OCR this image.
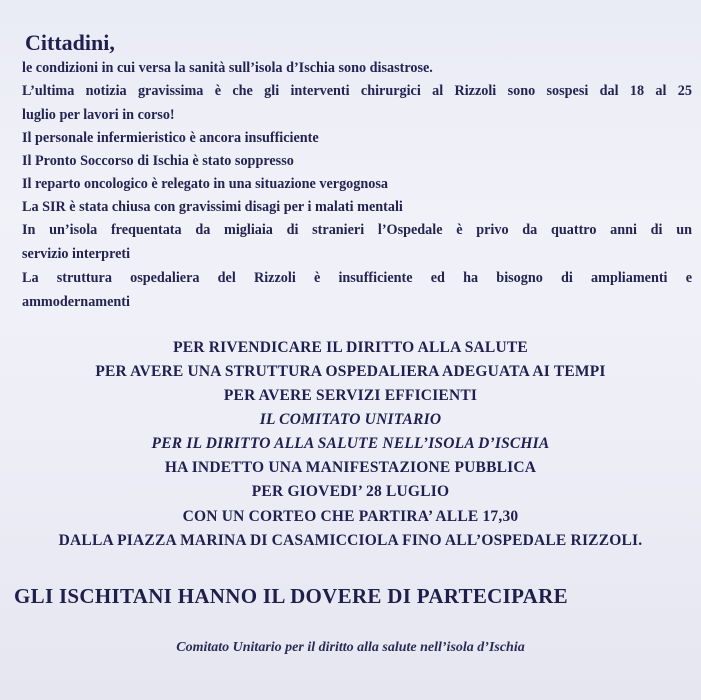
Cittadini,
le condizioni in cui versa la sanità sull’isola d’Ischia sono disastrose.
L’ultima notizia gravissima è che gli interventi chirurgici al Rizzoli sono sospesi dal 18 al 25
luglio per lavori in corso!
Il personale infermieristico è ancora insufficiente
Il Pronto Soccorso di Ischia è stato soppresso
Il reparto oncologico è relegato in una situazione vergognosa
La SIR è stata chiusa con gravissimi disagi per i malati mentali
In un’isola frequentata da migliaia di stranieri l’Ospedale è privo da quattro anni di un
servizio interpreti
La struttura ospedaliera del Rizzoli è insufficiente ed ha bisogno di ampliamenti e
ammodernamenti
PER RIVENDICARE IL DIRITTO ALLA SALUTE
PER AVERE UNA STRUTTURA OSPEDALIERA ADEGUATA AI TEMPI
PER AVERE SERVIZI EFFICIENTI
IL COMITATO UNITARIO
PER IL DIRITTO ALLA SALUTE NELL’ISOLA D’ISCHIA
HA INDETTO UNA MANIFESTAZIONE PUBBLICA
PER GIOVEDI’ 28 LUGLIO
CON UN CORTEO CHE PARTIRA’ ALLE 17,30
DALLA PIAZZA MARINA DI CASAMICCIOLA FINO ALL’OSPEDALE RIZZOLI.
GLI ISCHITANI HANNO IL DOVERE DI PARTECIPARE
Comitato Unitario per il diritto alla salute nell’isola d’Ischia
